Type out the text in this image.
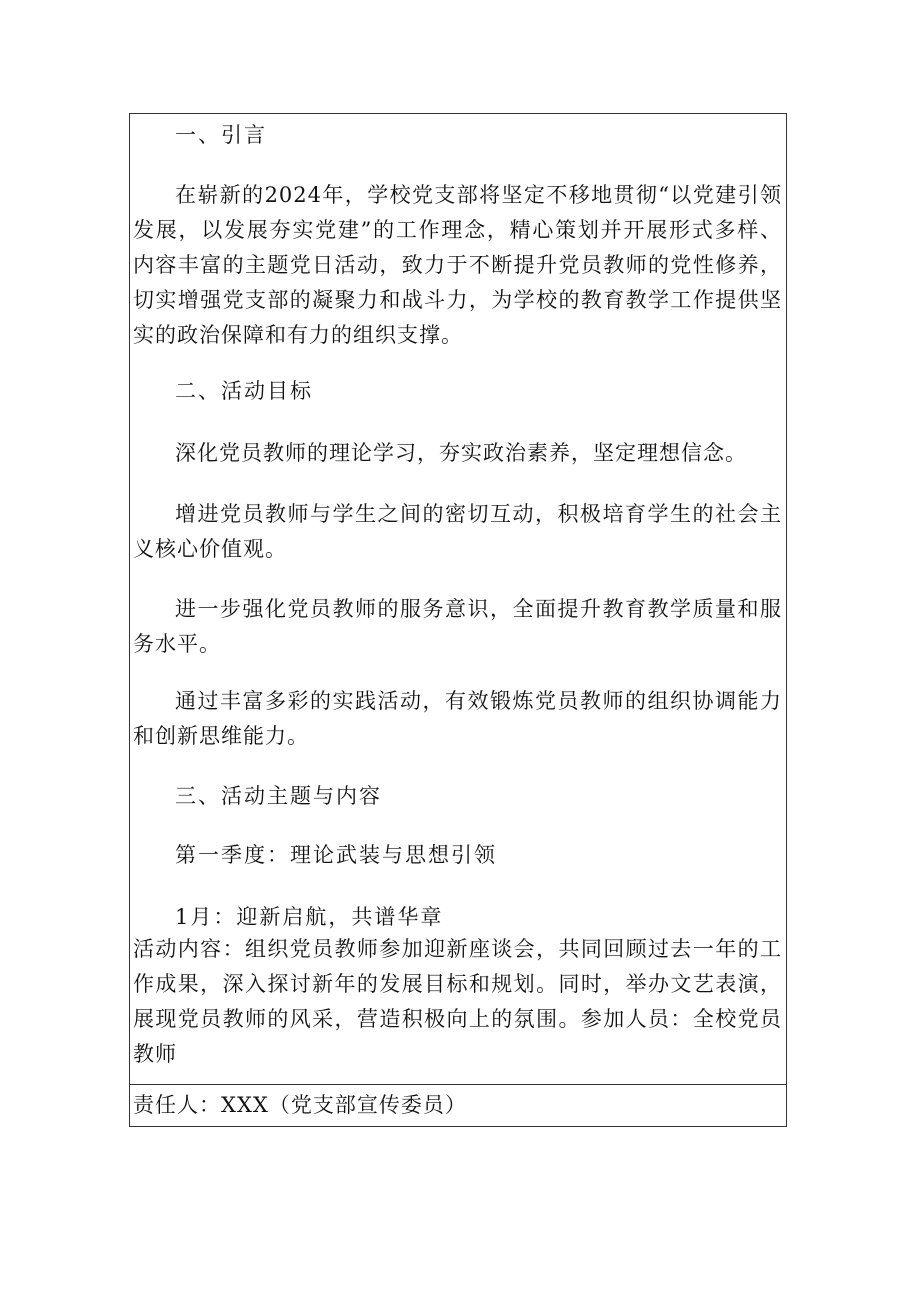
一、引言

在崭新的2024年，学校党支部将坚定不移地贯彻“以党建引领发展，以发展夯实党建”的工作理念，精心策划并开展形式多样、内容丰富的主题党日活动，致力于不断提升党员教师的党性修养，切实增强党支部的凝聚力和战斗力，为学校的教育教学工作提供坚实的政治保障和有力的组织支撑。

二、活动目标

深化党员教师的理论学习，夯实政治素养，坚定理想信念。

增进党员教师与学生之间的密切互动，积极培育学生的社会主义核心价值观。

进一步强化党员教师的服务意识，全面提升教育教学质量和服务水平。

通过丰富多彩的实践活动，有效锻炼党员教师的组织协调能力和创新思维能力。

三、活动主题与内容

第一季度：理论武装与思想引领

1月：迎新启航，共谱华章

活动内容：组织党员教师参加迎新座谈会，共同回顾过去一年的工作成果，深入探讨新年的发展目标和规划。同时，举办文艺表演，展现党员教师的风采，营造积极向上的氛围。参加人员：全校党员教师

责任人：XXX（党支部宣传委员）
